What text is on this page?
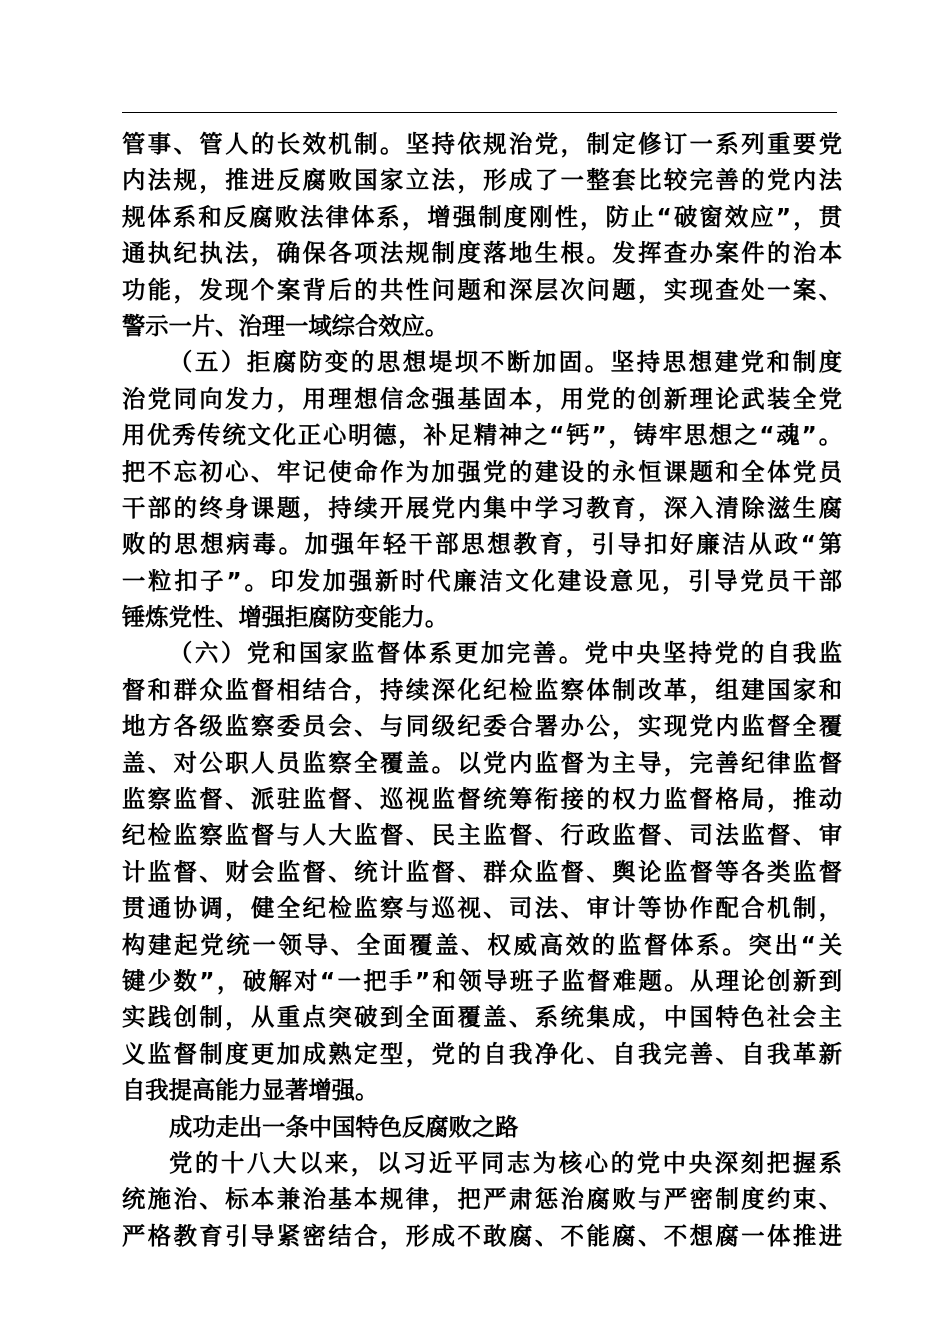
管事、管人的长效机制。坚持依规治党，制定修订一系列重要党
内法规，推进反腐败国家立法，形成了一整套比较完善的党内法
规体系和反腐败法律体系，增强制度刚性，防止“破窗效应”，贯
通执纪执法，确保各项法规制度落地生根。发挥查办案件的治本
功能，发现个案背后的共性问题和深层次问题，实现查处一案、
警示一片、治理一域综合效应。
（五）拒腐防变的思想堤坝不断加固。坚持思想建党和制度
治党同向发力，用理想信念强基固本，用党的创新理论武装全党
用优秀传统文化正心明德，补足精神之“钙”，铸牢思想之“魂”。
把不忘初心、牢记使命作为加强党的建设的永恒课题和全体党员
干部的终身课题，持续开展党内集中学习教育，深入清除滋生腐
败的思想病毒。加强年轻干部思想教育，引导扣好廉洁从政“第
一粒扣子”。印发加强新时代廉洁文化建设意见，引导党员干部
锤炼党性、增强拒腐防变能力。
（六）党和国家监督体系更加完善。党中央坚持党的自我监
督和群众监督相结合，持续深化纪检监察体制改革，组建国家和
地方各级监察委员会、与同级纪委合署办公，实现党内监督全覆
盖、对公职人员监察全覆盖。以党内监督为主导，完善纪律监督
监察监督、派驻监督、巡视监督统筹衔接的权力监督格局，推动
纪检监察监督与人大监督、民主监督、行政监督、司法监督、审
计监督、财会监督、统计监督、群众监督、舆论监督等各类监督
贯通协调，健全纪检监察与巡视、司法、审计等协作配合机制，
构建起党统一领导、全面覆盖、权威高效的监督体系。突出“关
键少数”，破解对“一把手”和领导班子监督难题。从理论创新到
实践创制，从重点突破到全面覆盖、系统集成，中国特色社会主
义监督制度更加成熟定型，党的自我净化、自我完善、自我革新
自我提高能力显著增强。
成功走出一条中国特色反腐败之路
党的十八大以来，以习近平同志为核心的党中央深刻把握系
统施治、标本兼治基本规律，把严肃惩治腐败与严密制度约束、
严格教育引导紧密结合，形成不敢腐、不能腐、不想腐一体推进
